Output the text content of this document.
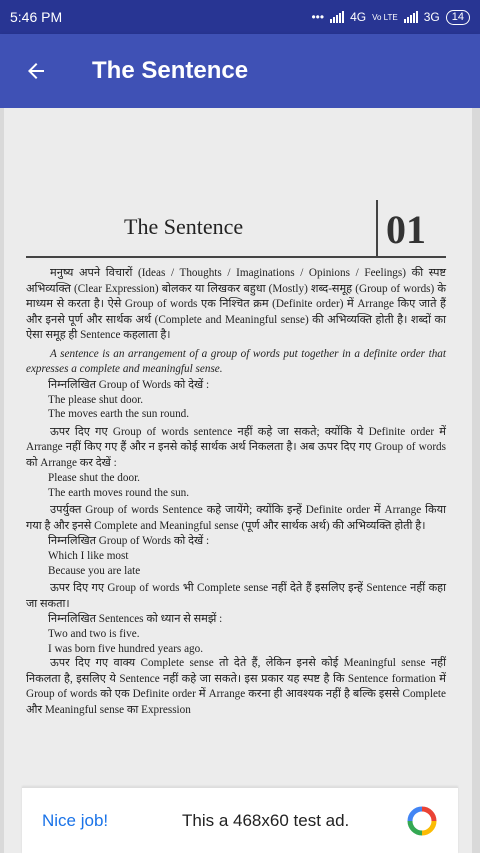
5:46 PM	••• 4G Vo LTE 3G	14
The Sentence
The Sentence	01

मनुष्य अपने विचारों (Ideas / Thoughts / Imaginations / Opinions / Feelings) की स्पष्ट अभिव्यक्ति (Clear Expression) बोलकर या लिखकर बहुधा (Mostly) शब्द-समूह (Group of words) के माध्यम से करता है। ऐसे Group of words एक निश्चित क्रम (Definite order) में Arrange किए जाते हैं और इनसे पूर्ण और सार्थक अर्थ (Complete and Meaningful sense) की अभिव्यक्ति होती है। शब्दों का ऐसा समूह ही Sentence कहलाता है।

A sentence is an arrangement of a group of words put together in a definite order that expresses a complete and meaningful sense.

निम्नलिखित Group of Words को देखें :

The please shut door.

The moves earth the sun round.

ऊपर दिए गए Group of words sentence नहीं कहे जा सकते; क्योंकि ये Definite order में Arrange नहीं किए गए हैं और न इनसे कोई सार्थक अर्थ निकलता है। अब ऊपर दिए गए Group of words को Arrange कर देखें :

Please shut the door.

The earth moves round the sun.

उपर्युक्त Group of words Sentence कहे जायेंगे; क्योंकि इन्हें Definite order में Arrange किया गया है और इनसे Complete and Meaningful sense (पूर्ण और सार्थक अर्थ) की अभिव्यक्ति होती है।

निम्नलिखित Group of Words को देखें :

Which I like most

Because you are late

ऊपर दिए गए Group of words भी Complete sense नहीं देते हैं इसलिए इन्हें Sentence नहीं कहा जा सकता।

निम्नलिखित Sentences को ध्यान से समझें :

Two and two is five.

I was born five hundred years ago.

ऊपर दिए गए वाक्य Complete sense तो देते हैं, लेकिन इनसे कोई Meaningful sense नहीं निकलता है, इसलिए ये Sentence नहीं कहे जा सकते। इस प्रकार यह स्पष्ट है कि Sentence formation में Group of words को एक Definite order में Arrange करना ही आवश्यक नहीं है बल्कि इससे Complete और Meaningful sense का Expression

Nice job!	This a 468x60 test ad.
